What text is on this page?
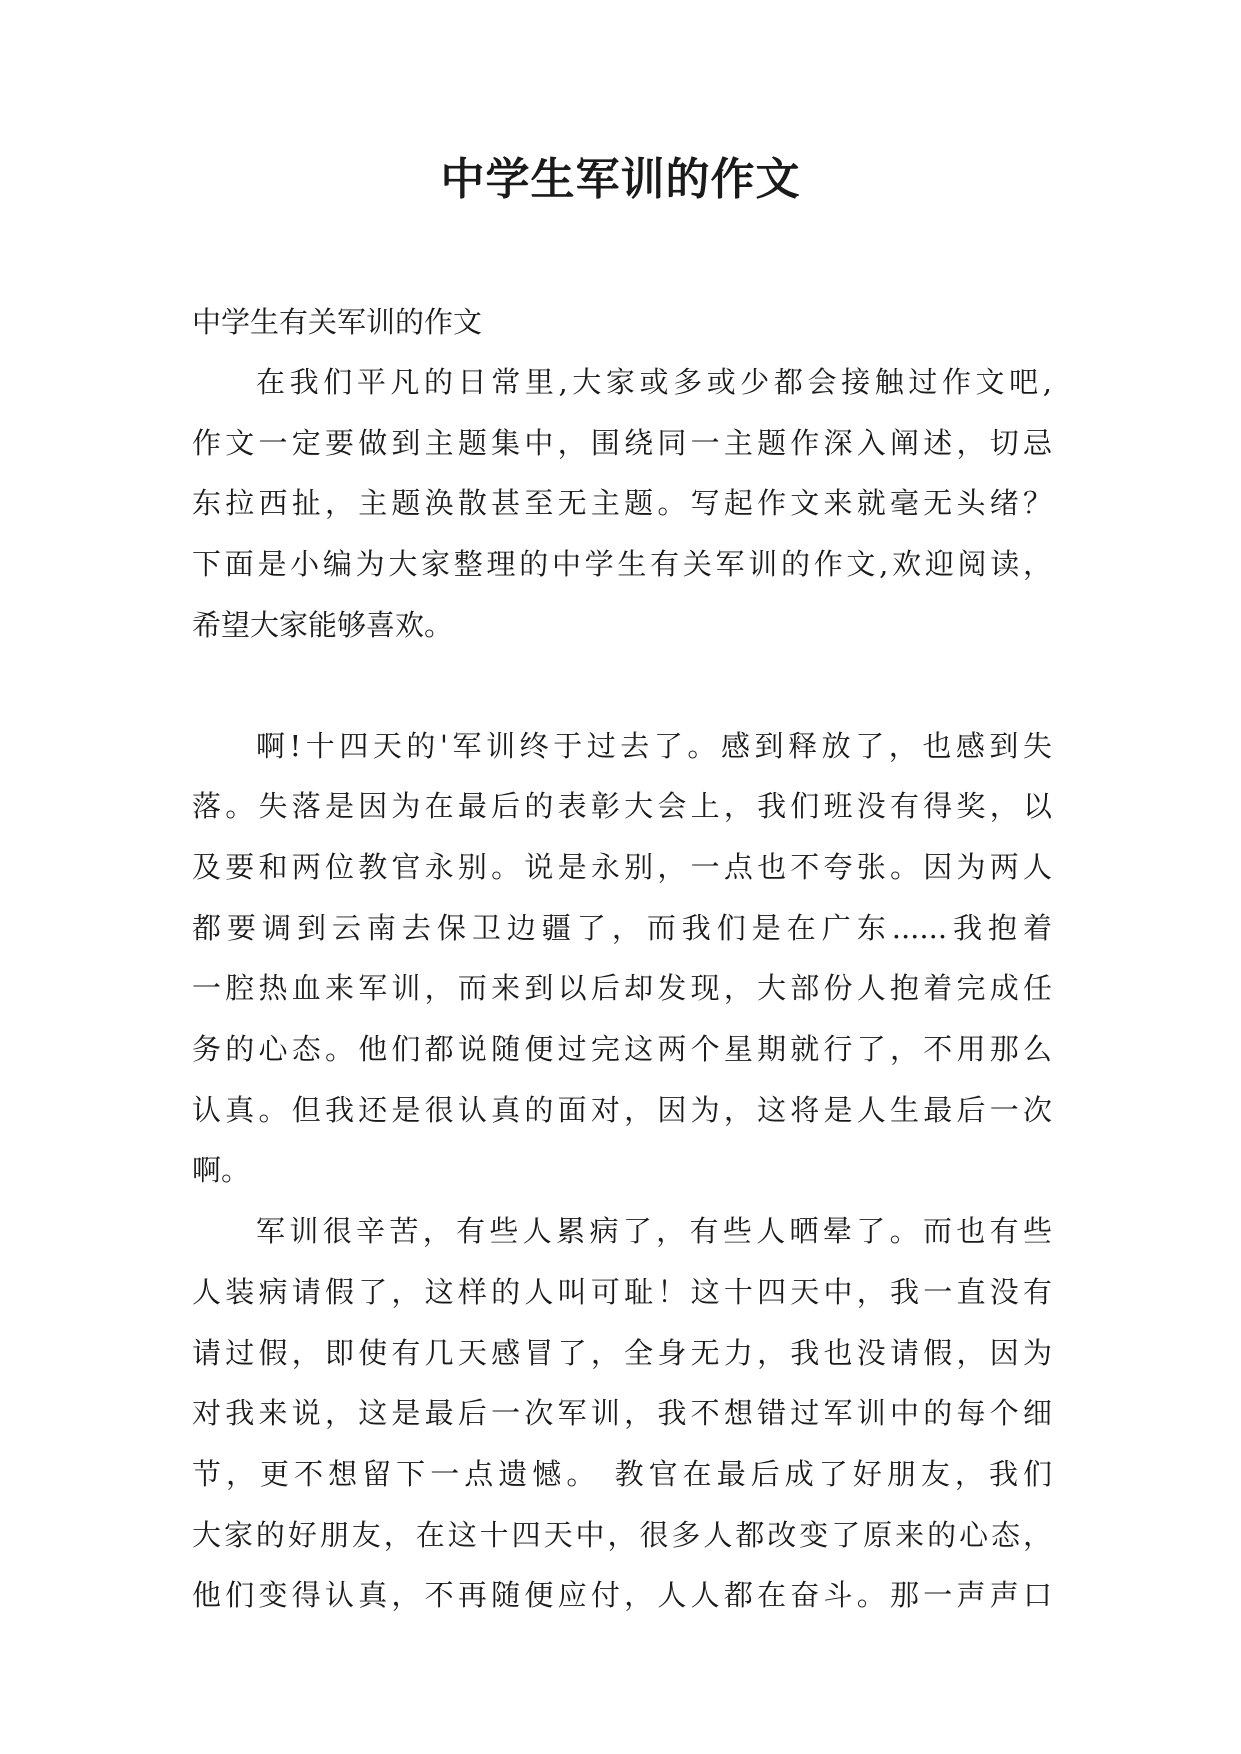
中学生军训的作文

中学生有关军训的作文

在我们平凡的日常里,大家或多或少都会接触过作文吧,
作文一定要做到主题集中，围绕同一主题作深入阐述，切忌
东拉西扯，主题涣散甚至无主题。写起作文来就毫无头绪？
下面是小编为大家整理的中学生有关军训的作文,欢迎阅读，
希望大家能够喜欢。

啊!十四天的'军训终于过去了。感到释放了，也感到失
落。失落是因为在最后的表彰大会上，我们班没有得奖，以
及要和两位教官永别。说是永别，一点也不夸张。因为两人
都要调到云南去保卫边疆了，而我们是在广东......我抱着
一腔热血来军训，而来到以后却发现，大部份人抱着完成任
务的心态。他们都说随便过完这两个星期就行了，不用那么
认真。但我还是很认真的面对，因为，这将是人生最后一次
啊。

军训很辛苦，有些人累病了，有些人晒晕了。而也有些
人装病请假了，这样的人叫可耻！这十四天中，我一直没有
请过假，即使有几天感冒了，全身无力，我也没请假，因为
对我来说，这是最后一次军训，我不想错过军训中的每个细
节，更不想留下一点遗憾。 教官在最后成了好朋友，我们
大家的好朋友，在这十四天中，很多人都改变了原来的心态，
他们变得认真，不再随便应付，人人都在奋斗。那一声声口
